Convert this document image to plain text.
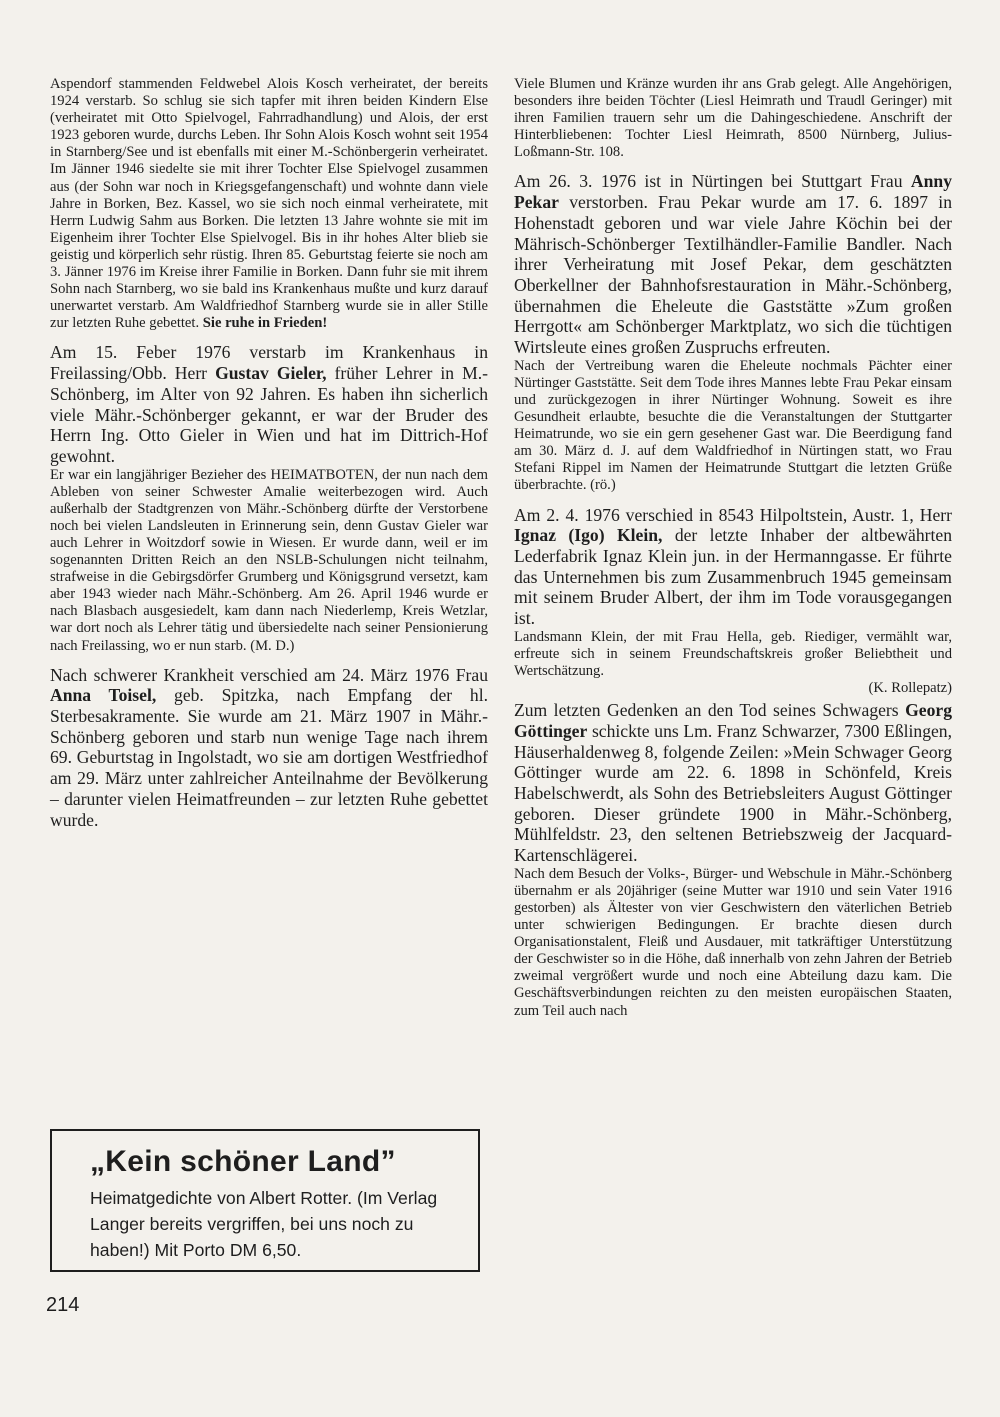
Aspendorf stammenden Feldwebel Alois Kosch verheiratet, der bereits 1924 verstarb. So schlug sie sich tapfer mit ihren beiden Kindern Else (verheiratet mit Otto Spielvogel, Fahrradhandlung) und Alois, der erst 1923 geboren wurde, durchs Leben. Ihr Sohn Alois Kosch wohnt seit 1954 in Starnberg/See und ist ebenfalls mit einer M.-Schönbergerin verheiratet. Im Jänner 1946 siedelte sie mit ihrer Tochter Else Spielvogel zusammen aus (der Sohn war noch in Kriegsgefangenschaft) und wohnte dann viele Jahre in Borken, Bez. Kassel, wo sie sich noch einmal verheiratete, mit Herrn Ludwig Sahm aus Borken. Die letzten 13 Jahre wohnte sie mit im Eigenheim ihrer Tochter Else Spielvogel. Bis in ihr hohes Alter blieb sie geistig und körperlich sehr rüstig. Ihren 85. Geburtstag feierte sie noch am 3. Jänner 1976 im Kreise ihrer Familie in Borken. Dann fuhr sie mit ihrem Sohn nach Starnberg, wo sie bald ins Krankenhaus mußte und kurz darauf unerwartet verstarb. Am Waldfriedhof Starnberg wurde sie in aller Stille zur letzten Ruhe gebettet. Sie ruhe in Frieden!

Am 15. Feber 1976 verstarb im Krankenhaus in Freilassing/Obb. Herr Gustav Gieler, früher Lehrer in M.-Schönberg, im Alter von 92 Jahren. Es haben ihn sicherlich viele Mähr.-Schönberger gekannt, er war der Bruder des Herrn Ing. Otto Gieler in Wien und hat im Dittrich-Hof gewohnt.

Er war ein langjähriger Bezieher des HEIMATBOTEN, der nun nach dem Ableben von seiner Schwester Amalie weiterbezogen wird. Auch außerhalb der Stadtgrenzen von Mähr.-Schönberg dürfte der Verstorbene noch bei vielen Landsleuten in Erinnerung sein, denn Gustav Gieler war auch Lehrer in Woitzdorf sowie in Wiesen. Er wurde dann, weil er im sogenannten Dritten Reich an den NSLB-Schulungen nicht teilnahm, strafweise in die Gebirgsdörfer Grumberg und Königsgrund versetzt, kam aber 1943 wieder nach Mähr.-Schönberg. Am 26. April 1946 wurde er nach Blasbach ausgesiedelt, kam dann nach Niederlemp, Kreis Wetzlar, war dort noch als Lehrer tätig und übersiedelte nach seiner Pensionierung nach Freilassing, wo er nun starb. (M. D.)

Nach schwerer Krankheit verschied am 24. März 1976 Frau Anna Toisel, geb. Spitzka, nach Empfang der hl. Sterbesakramente. Sie wurde am 21. März 1907 in Mähr.-Schönberg geboren und starb nun wenige Tage nach ihrem 69. Geburtstag in Ingolstadt, wo sie am dortigen Westfriedhof am 29. März unter zahlreicher Anteilnahme der Bevölkerung – darunter vielen Heimatfreunden – zur letzten Ruhe gebettet wurde.

„Kein schöner Land”

Heimatgedichte von Albert Rotter. (Im Verlag Langer bereits vergriffen, bei uns noch zu haben!) Mit Porto DM 6,50.

214

Viele Blumen und Kränze wurden ihr ans Grab gelegt. Alle Angehörigen, besonders ihre beiden Töchter (Liesl Heimrath und Traudl Geringer) mit ihren Familien trauern sehr um die Dahingeschiedene. Anschrift der Hinterbliebenen: Tochter Liesl Heimrath, 8500 Nürnberg, Julius-Loßmann-Str. 108.

Am 26. 3. 1976 ist in Nürtingen bei Stuttgart Frau Anny Pekar verstorben. Frau Pekar wurde am 17. 6. 1897 in Hohenstadt geboren und war viele Jahre Köchin bei der Mährisch-Schönberger Textilhändler-Familie Bandler. Nach ihrer Verheiratung mit Josef Pekar, dem geschätzten Oberkellner der Bahnhofsrestauration in Mähr.-Schönberg, übernahmen die Eheleute die Gaststätte »Zum großen Herrgott« am Schönberger Marktplatz, wo sich die tüchtigen Wirtsleute eines großen Zuspruchs erfreuten.

Nach der Vertreibung waren die Eheleute nochmals Pächter einer Nürtinger Gaststätte. Seit dem Tode ihres Mannes lebte Frau Pekar einsam und zurückgezogen in ihrer Nürtinger Wohnung. Soweit es ihre Gesundheit erlaubte, besuchte die die Veranstaltungen der Stuttgarter Heimatrunde, wo sie ein gern gesehener Gast war. Die Beerdigung fand am 30. März d. J. auf dem Waldfriedhof in Nürtingen statt, wo Frau Stefani Rippel im Namen der Heimatrunde Stuttgart die letzten Grüße überbrachte. (rö.)

Am 2. 4. 1976 verschied in 8543 Hilpoltstein, Austr. 1, Herr Ignaz (Igo) Klein, der letzte Inhaber der altbewährten Lederfabrik Ignaz Klein jun. in der Hermanngasse. Er führte das Unternehmen bis zum Zusammenbruch 1945 gemeinsam mit seinem Bruder Albert, der ihm im Tode vorausgegangen ist.

Landsmann Klein, der mit Frau Hella, geb. Riediger, vermählt war, erfreute sich in seinem Freundschaftskreis großer Beliebtheit und Wertschätzung.

(K. Rollepatz)

Zum letzten Gedenken an den Tod seines Schwagers Georg Göttinger schickte uns Lm. Franz Schwarzer, 7300 Eßlingen, Häuserhaldenweg 8, folgende Zeilen: »Mein Schwager Georg Göttinger wurde am 22. 6. 1898 in Schönfeld, Kreis Habelschwerdt, als Sohn des Betriebsleiters August Göttinger geboren. Dieser gründete 1900 in Mähr.-Schönberg, Mühlfeldstr. 23, den seltenen Betriebszweig der Jacquard-Kartenschlägerei.

Nach dem Besuch der Volks-, Bürger- und Webschule in Mähr.-Schönberg übernahm er als 20jähriger (seine Mutter war 1910 und sein Vater 1916 gestorben) als Ältester von vier Geschwistern den väterlichen Betrieb unter schwierigen Bedingungen. Er brachte diesen durch Organisationstalent, Fleiß und Ausdauer, mit tatkräftiger Unterstützung der Geschwister so in die Höhe, daß innerhalb von zehn Jahren der Betrieb zweimal vergrößert wurde und noch eine Abteilung dazu kam. Die Geschäftsverbindungen reichten zu den meisten europäischen Staaten, zum Teil auch nach
